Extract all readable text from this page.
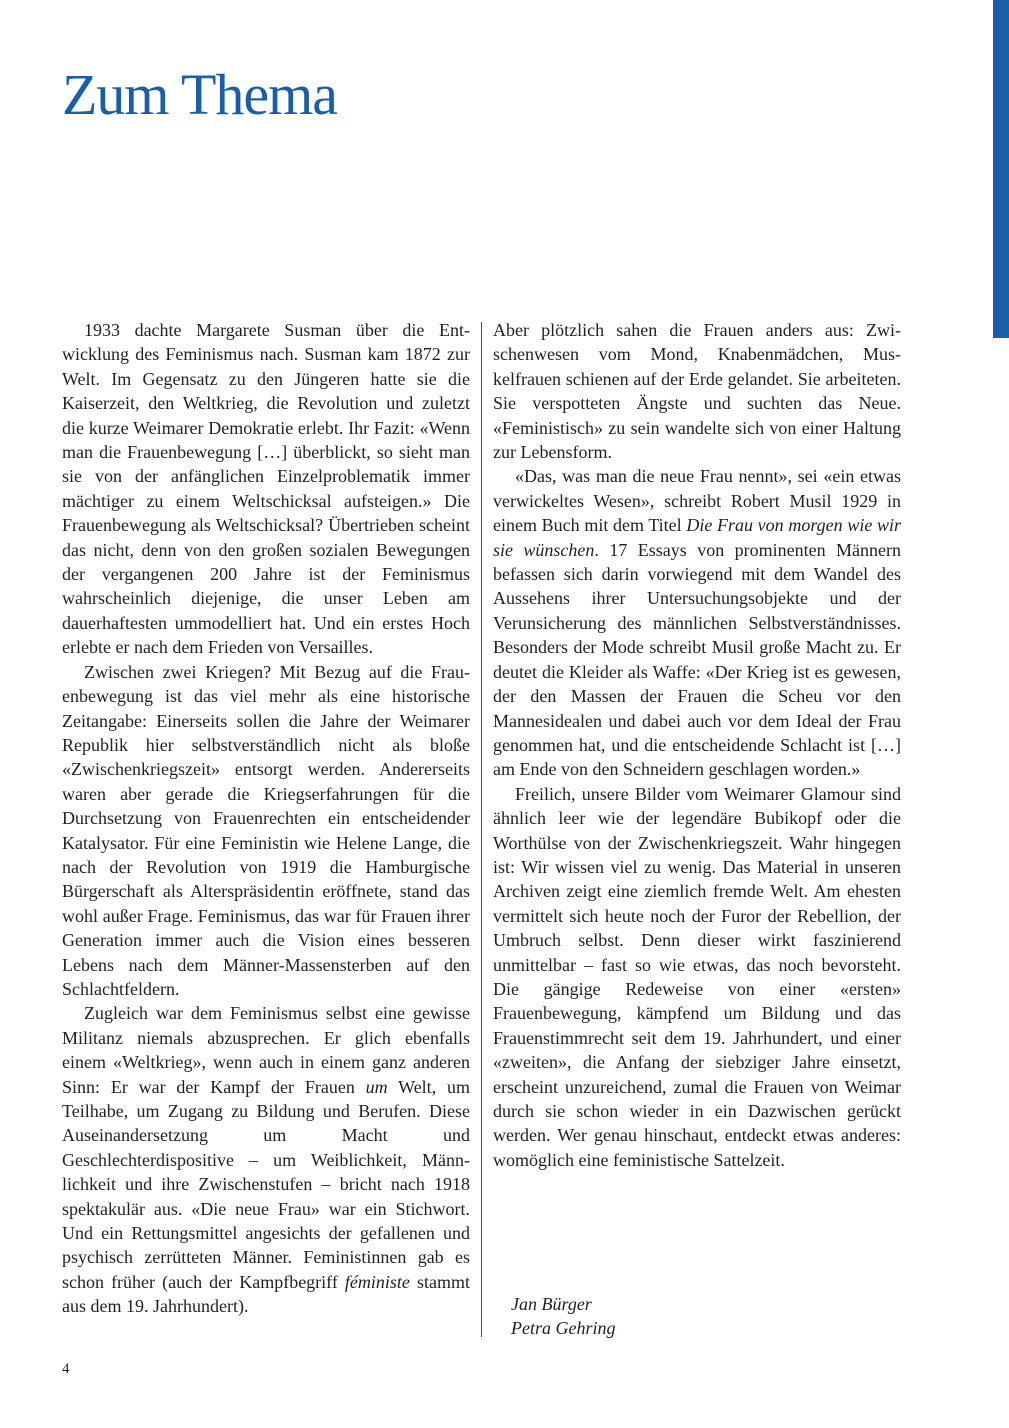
Zum Thema

1933 dachte Margarete Susman über die Entwicklung des Feminismus nach. Susman kam 1872 zur Welt. Im Gegensatz zu den Jüngeren hatte sie die Kaiserzeit, den Weltkrieg, die Revolution und zuletzt die kurze Weimarer Demokratie erlebt. Ihr Fazit: «Wenn man die Frauenbewegung […] überblickt, so sieht man sie von der anfänglichen Einzelproblematik immer mächtiger zu einem Weltschicksal aufsteigen.» Die Frauenbewegung als Weltschicksal? Übertrieben scheint das nicht, denn von den großen sozialen Bewegungen der vergangenen 200 Jahre ist der Feminismus wahrscheinlich diejenige, die unser Leben am dauerhaftesten ummodelliert hat. Und ein erstes Hoch erlebte er nach dem Frieden von Versailles.

Zwischen zwei Kriegen? Mit Bezug auf die Frauenbewegung ist das viel mehr als eine historische Zeitangabe: Einerseits sollen die Jahre der Weimarer Republik hier selbstverständlich nicht als bloße «Zwischenkriegszeit» entsorgt werden. Andererseits waren aber gerade die Kriegserfahrungen für die Durchsetzung von Frauenrechten ein entscheidender Katalysator. Für eine Feministin wie Helene Lange, die nach der Revolution von 1919 die Hamburgische Bürgerschaft als Alterspräsidentin eröffnete, stand das wohl außer Frage. Feminismus, das war für Frauen ihrer Generation immer auch die Vision eines besseren Lebens nach dem Männer-Massensterben auf den Schlachtfeldern.

Zugleich war dem Feminismus selbst eine gewisse Militanz niemals abzusprechen. Er glich ebenfalls einem «Weltkrieg», wenn auch in einem ganz anderen Sinn: Er war der Kampf der Frauen um Welt, um Teilhabe, um Zugang zu Bildung und Berufen. Diese Auseinandersetzung um Macht und Geschlechterdispositive – um Weiblichkeit, Männlichkeit und ihre Zwischenstufen – bricht nach 1918 spektakulär aus. «Die neue Frau» war ein Stichwort. Und ein Rettungsmittel angesichts der gefallenen und psychisch zerrütteten Männer. Feministinnen gab es schon früher (auch der Kampfbegriff féministe stammt aus dem 19. Jahrhundert).

Aber plötzlich sahen die Frauen anders aus: Zwischenwesen vom Mond, Knabenmädchen, Muskelfrauen schienen auf der Erde gelandet. Sie arbeiteten. Sie verspotteten Ängste und suchten das Neue. «Feministisch» zu sein wandelte sich von einer Haltung zur Lebensform.

«Das, was man die neue Frau nennt», sei «ein etwas verwickeltes Wesen», schreibt Robert Musil 1929 in einem Buch mit dem Titel Die Frau von morgen wie wir sie wünschen. 17 Essays von prominenten Männern befassen sich darin vorwiegend mit dem Wandel des Aussehens ihrer Untersuchungsobjekte und der Verunsicherung des männlichen Selbstverständnisses. Besonders der Mode schreibt Musil große Macht zu. Er deutet die Kleider als Waffe: «Der Krieg ist es gewesen, der den Massen der Frauen die Scheu vor den Mannesidealen und dabei auch vor dem Ideal der Frau genommen hat, und die entscheidende Schlacht ist […] am Ende von den Schneidern geschlagen worden.»

Freilich, unsere Bilder vom Weimarer Glamour sind ähnlich leer wie der legendäre Bubikopf oder die Worthülse von der Zwischenkriegszeit. Wahr hingegen ist: Wir wissen viel zu wenig. Das Material in unseren Archiven zeigt eine ziemlich fremde Welt. Am ehesten vermittelt sich heute noch der Furor der Rebellion, der Umbruch selbst. Denn dieser wirkt faszinierend unmittelbar – fast so wie etwas, das noch bevorsteht. Die gängige Redeweise von einer «ersten» Frauenbewegung, kämpfend um Bildung und das Frauenstimmrecht seit dem 19. Jahrhundert, und einer «zweiten», die Anfang der siebziger Jahre einsetzt, erscheint unzureichend, zumal die Frauen von Weimar durch sie schon wieder in ein Dazwischen gerückt werden. Wer genau hinschaut, entdeckt etwas anderes: womöglich eine feministische Sattelzeit.

Jan Bürger
Petra Gehring
4
